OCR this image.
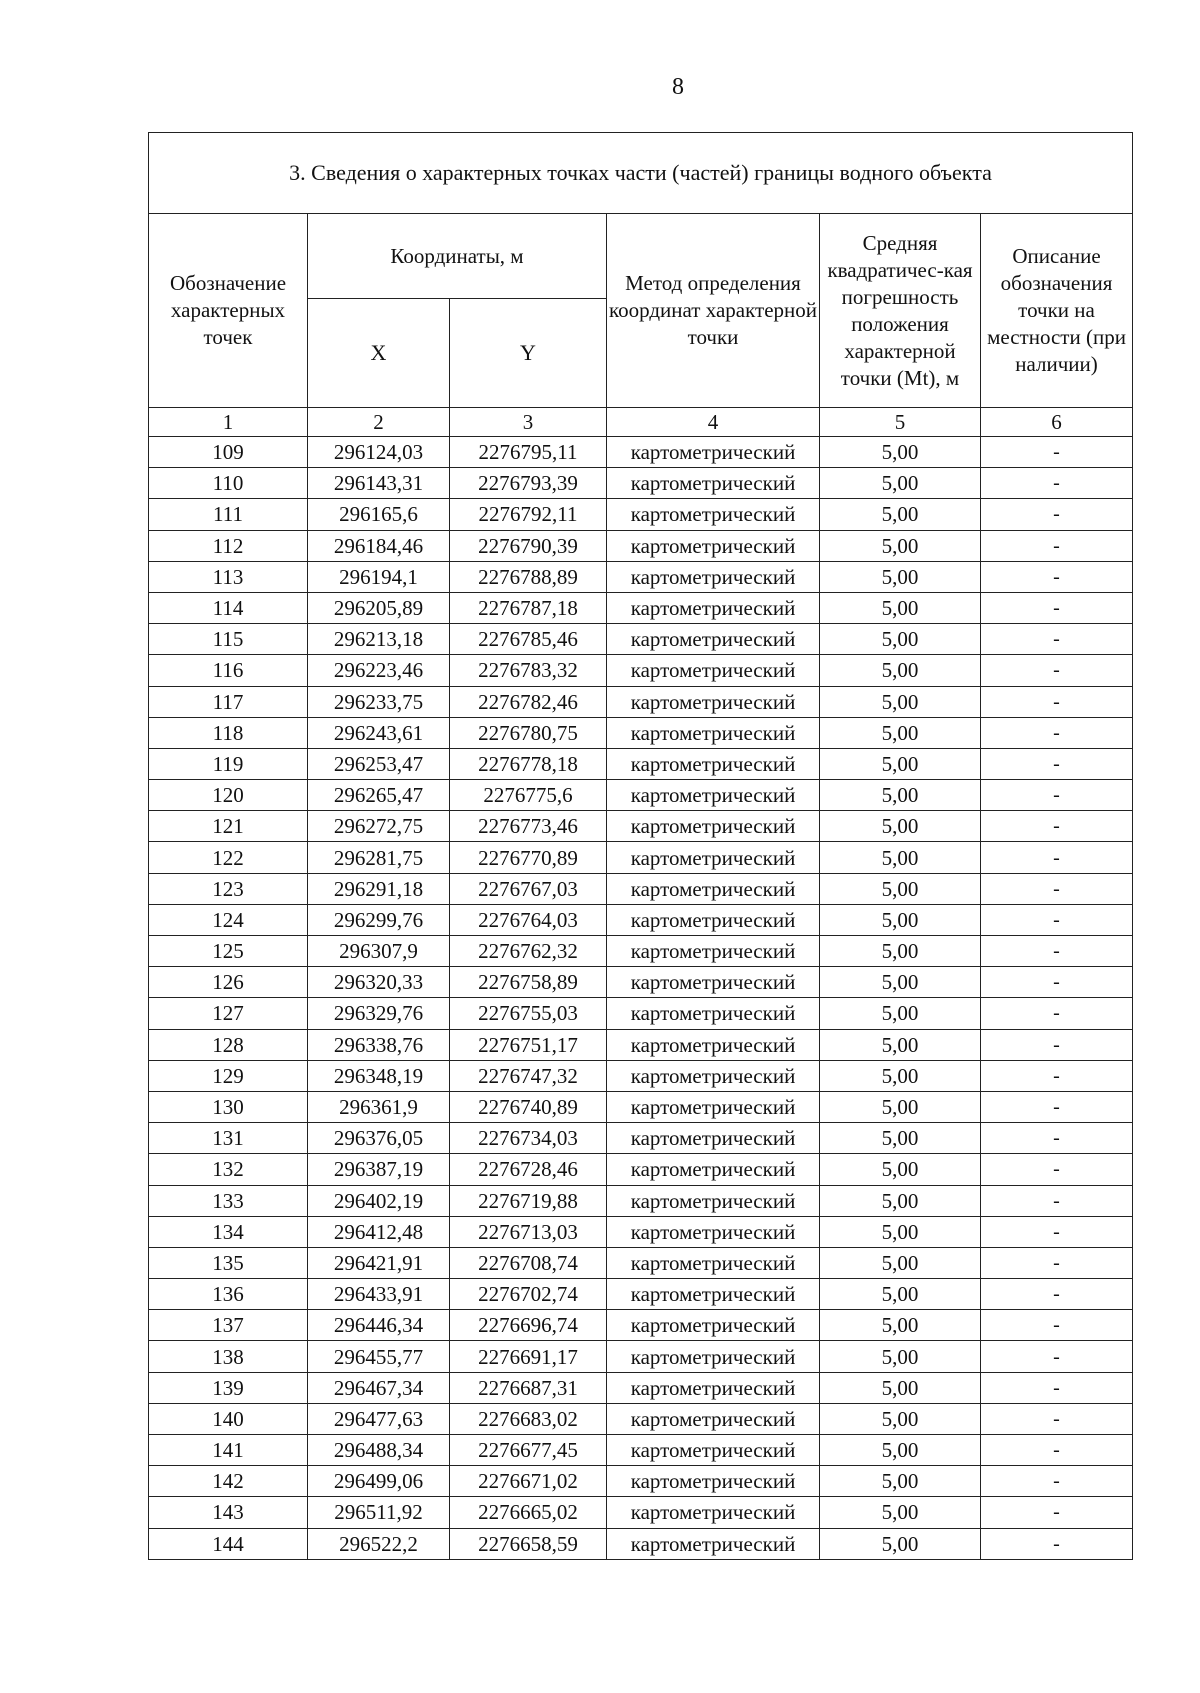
8
3. Сведения о характерных точках части (частей) границы водного объекта					
Обозначение характерных точек	Координаты, м		Метод определения координат характерной точки	Средняя квадратичес-кая погрешность положения характерной точки (Mt), м	Описание обозначения точки на местности (при наличии)
	X	Y			
1	2	3	4	5	6
109	296124,03	2276795,11	картометрический	5,00	-
110	296143,31	2276793,39	картометрический	5,00	-
111	296165,6	2276792,11	картометрический	5,00	-
112	296184,46	2276790,39	картометрический	5,00	-
113	296194,1	2276788,89	картометрический	5,00	-
114	296205,89	2276787,18	картометрический	5,00	-
115	296213,18	2276785,46	картометрический	5,00	-
116	296223,46	2276783,32	картометрический	5,00	-
117	296233,75	2276782,46	картометрический	5,00	-
118	296243,61	2276780,75	картометрический	5,00	-
119	296253,47	2276778,18	картометрический	5,00	-
120	296265,47	2276775,6	картометрический	5,00	-
121	296272,75	2276773,46	картометрический	5,00	-
122	296281,75	2276770,89	картометрический	5,00	-
123	296291,18	2276767,03	картометрический	5,00	-
124	296299,76	2276764,03	картометрический	5,00	-
125	296307,9	2276762,32	картометрический	5,00	-
126	296320,33	2276758,89	картометрический	5,00	-
127	296329,76	2276755,03	картометрический	5,00	-
128	296338,76	2276751,17	картометрический	5,00	-
129	296348,19	2276747,32	картометрический	5,00	-
130	296361,9	2276740,89	картометрический	5,00	-
131	296376,05	2276734,03	картометрический	5,00	-
132	296387,19	2276728,46	картометрический	5,00	-
133	296402,19	2276719,88	картометрический	5,00	-
134	296412,48	2276713,03	картометрический	5,00	-
135	296421,91	2276708,74	картометрический	5,00	-
136	296433,91	2276702,74	картометрический	5,00	-
137	296446,34	2276696,74	картометрический	5,00	-
138	296455,77	2276691,17	картометрический	5,00	-
139	296467,34	2276687,31	картометрический	5,00	-
140	296477,63	2276683,02	картометрический	5,00	-
141	296488,34	2276677,45	картометрический	5,00	-
142	296499,06	2276671,02	картометрический	5,00	-
143	296511,92	2276665,02	картометрический	5,00	-
144	296522,2	2276658,59	картометрический	5,00	-
